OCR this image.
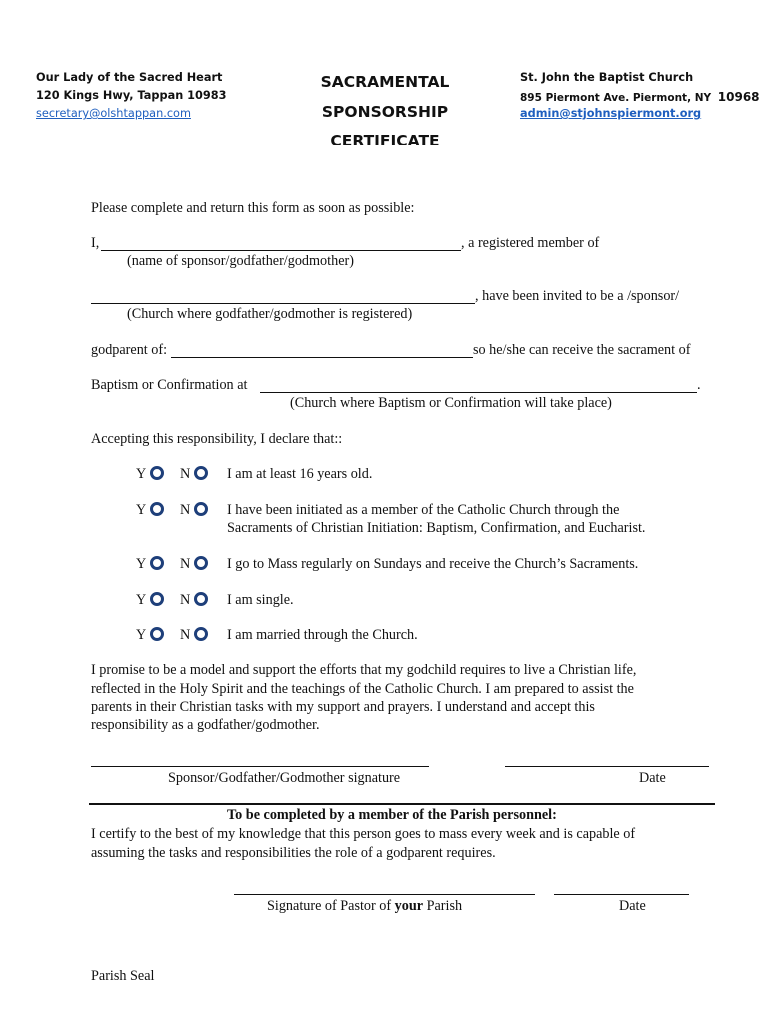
Our Lady of the Sacred Heart
120 Kings Hwy, Tappan 10983
secretary@olshtappan.com
SACRAMENTAL
SPONSORSHIP
CERTIFICATE
St. John the Baptist Church
895 Piermont Ave. Piermont, NY 10968
admin@stjohnspiermont.org
Please complete and return this form as soon as possible:
I,	, a registered member of
(name of sponsor/godfather/godmother)
, have been invited to be a /sponsor/
(Church where godfather/godmother is registered)
godparent of:	so he/she can receive the sacrament of
Baptism or Confirmation at	.
(Church where Baptism or Confirmation will take place)
Accepting this responsibility, I declare that::
Y	N	I am at least 16 years old.
Y	N	I have been initiated as a member of the Catholic Church through the
Sacraments of Christian Initiation: Baptism, Confirmation, and Eucharist.
Y	N	I go to Mass regularly on Sundays and receive the Church’s Sacraments.
Y	N	I am single.
Y	N	I am married through the Church.
I promise to be a model and support the efforts that my godchild requires to live a Christian life,
reflected in the Holy Spirit and the teachings of the Catholic Church. I am prepared to assist the
parents in their Christian tasks with my support and prayers. I understand and accept this
responsibility as a godfather/godmother.
Sponsor/Godfather/Godmother signature	Date
To be completed by a member of the Parish personnel:
I certify to the best of my knowledge that this person goes to mass every week and is capable of
assuming the tasks and responsibilities the role of a godparent requires.
Signature of Pastor of your Parish	Date
Parish Seal
